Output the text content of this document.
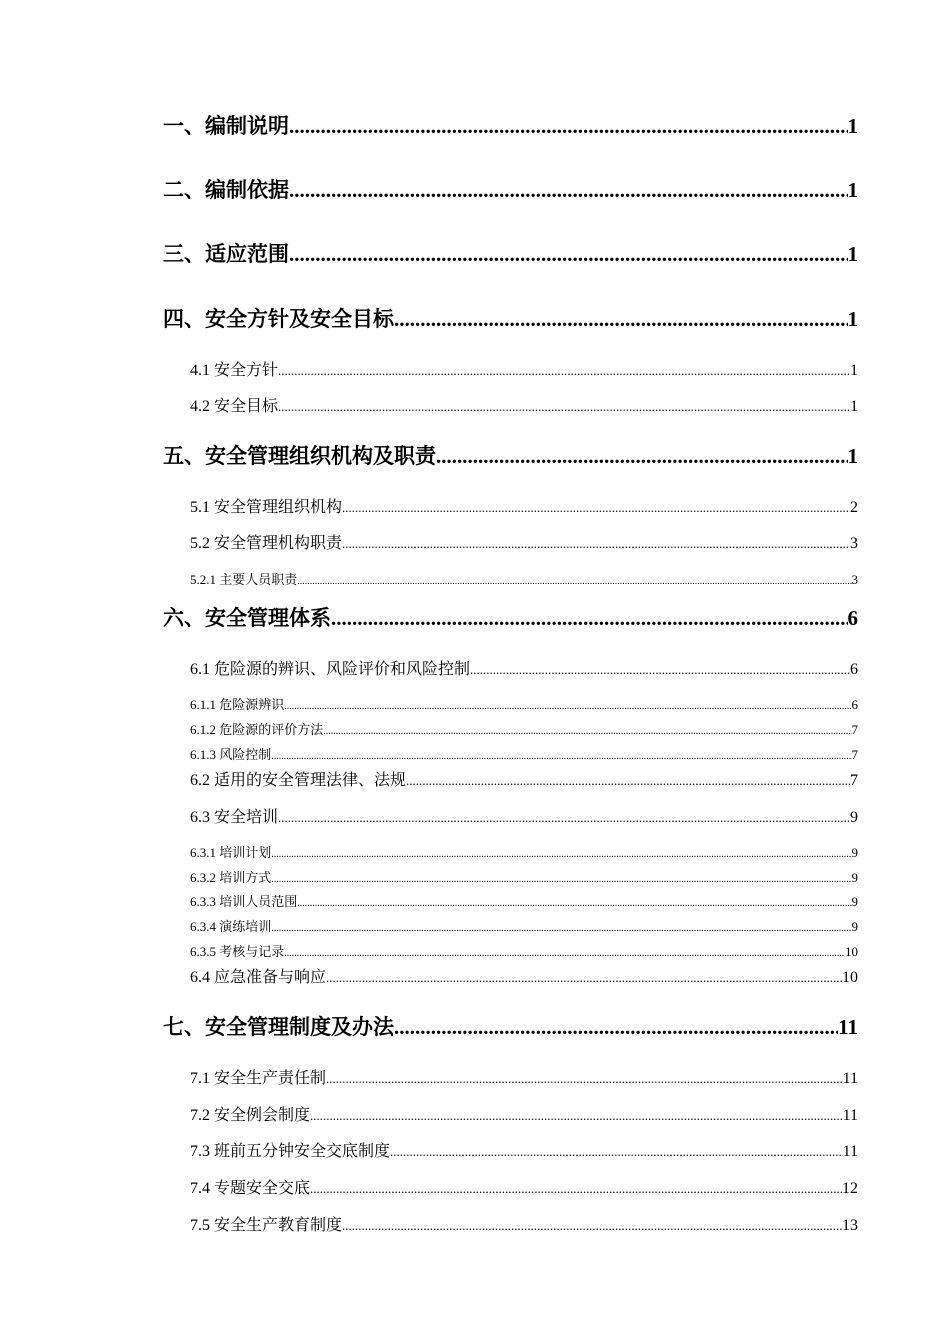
一、编制说明 .....	1
二、编制依据 .....	1
三、适应范围 .....	1
四、安全方针及安全目标 .....	1
4.1 安全方针 .....	1
4.2 安全目标 .....	1
五、安全管理组织机构及职责 .....	1
5.1 安全管理组织机构 .....	2
5.2 安全管理机构职责 .....	3
5.2.1 主要人员职责 .....	3
六、安全管理体系 .....	6
6.1 危险源的辨识、风险评价和风险控制 .....	6
6.1.1 危险源辨识 .....	6
6.1.2 危险源的评价方法 .....	7
6.1.3 风险控制 .....	7
6.2 适用的安全管理法律、法规 .....	7
6.3 安全培训 .....	9
6.3.1 培训计划 .....	9
6.3.2 培训方式 .....	9
6.3.3 培训人员范围 .....	9
6.3.4 演练培训 .....	9
6.3.5 考核与记录 .....	10
6.4 应急准备与响应 .....	10
七、安全管理制度及办法 .....	11
7.1 安全生产责任制 .....	11
7.2 安全例会制度 .....	11
7.3 班前五分钟安全交底制度 .....	11
7.4 专题安全交底 .....	12
7.5 安全生产教育制度 .....	13
